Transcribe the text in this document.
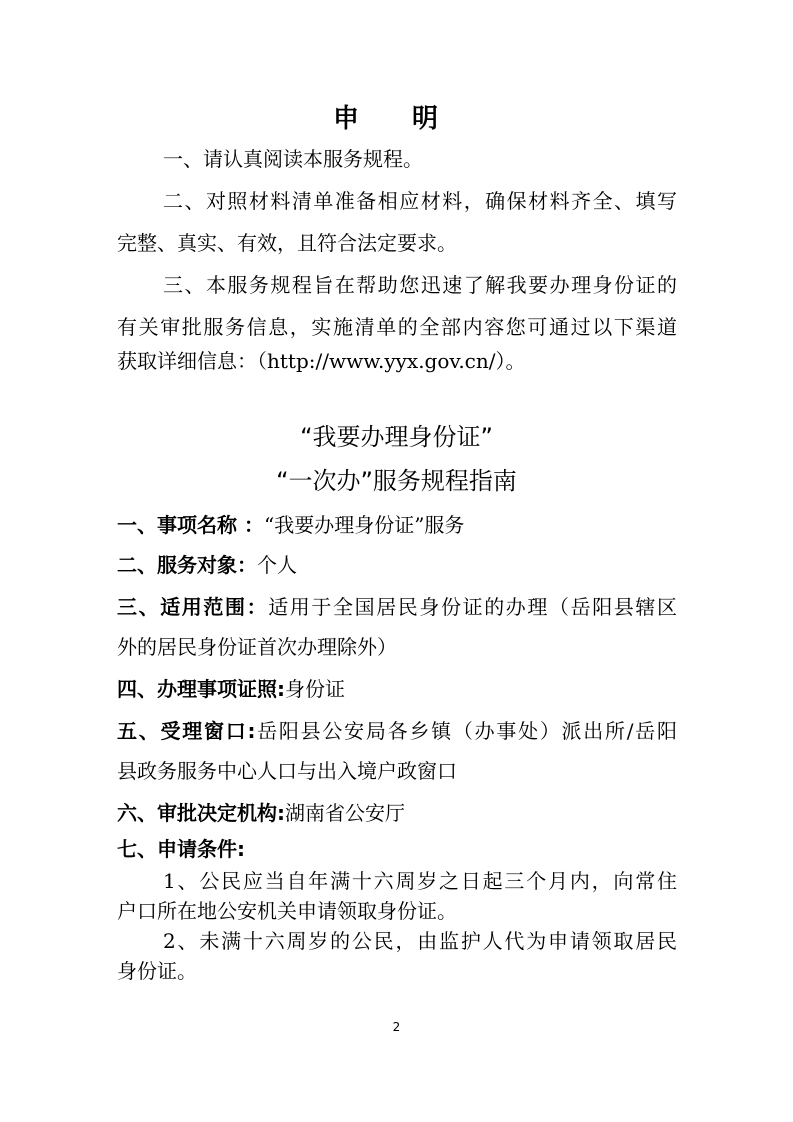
申 明
一、请认真阅读本服务规程。
二、对照材料清单准备相应材料，确保材料齐全、填写
完整、真实、有效，且符合法定要求。
三、本服务规程旨在帮助您迅速了解我要办理身份证的
有关审批服务信息，实施清单的全部内容您可通过以下渠道
获取详细信息：（http://www.yyx.gov.cn/）。
“我要办理身份证”
“一次办”服务规程指南
一、事项名称 ：“我要办理身份证”服务
二、服务对象：个人
三、适用范围：适用于全国居民身份证的办理（岳阳县辖区
外的居民身份证首次办理除外）
四、办理事项证照:身份证
五、受理窗口:岳阳县公安局各乡镇（办事处）派出所/岳阳
县政务服务中心人口与出入境户政窗口
六、审批决定机构:湖南省公安厅
七、申请条件:
1、公民应当自年满十六周岁之日起三个月内，向常住
户口所在地公安机关申请领取身份证。
2、未满十六周岁的公民，由监护人代为申请领取居民
身份证。
2
